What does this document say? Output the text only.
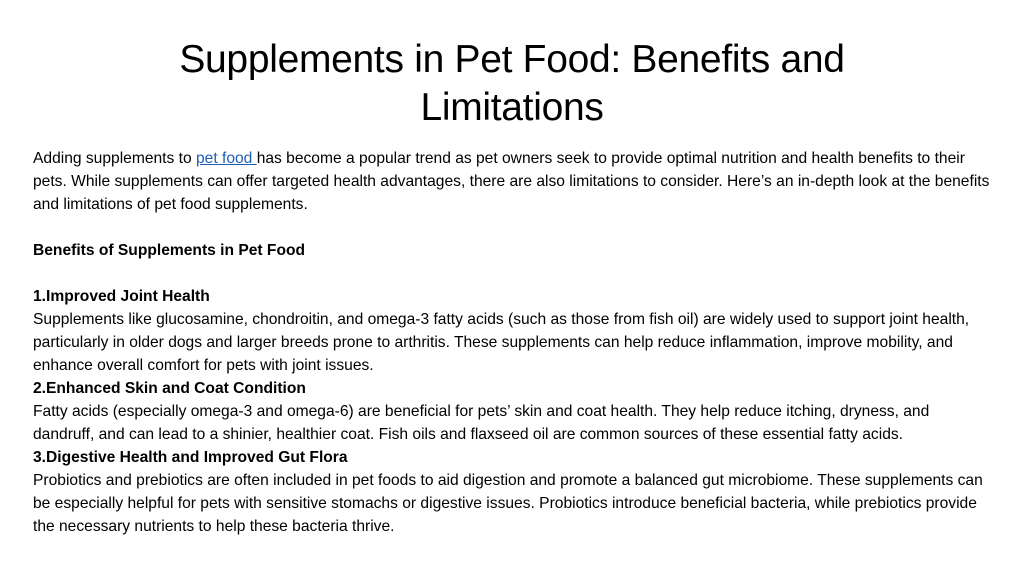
Supplements in Pet Food: Benefits and Limitations

Adding supplements to pet food has become a popular trend as pet owners seek to provide optimal nutrition and health benefits to their pets. While supplements can offer targeted health advantages, there are also limitations to consider. Here’s an in-depth look at the benefits and limitations of pet food supplements.

Benefits of Supplements in Pet Food

1.Improved Joint Health

Supplements like glucosamine, chondroitin, and omega-3 fatty acids (such as those from fish oil) are widely used to support joint health, particularly in older dogs and larger breeds prone to arthritis. These supplements can help reduce inflammation, improve mobility, and enhance overall comfort for pets with joint issues.

2.Enhanced Skin and Coat Condition

Fatty acids (especially omega-3 and omega-6) are beneficial for pets’ skin and coat health. They help reduce itching, dryness, and dandruff, and can lead to a shinier, healthier coat. Fish oils and flaxseed oil are common sources of these essential fatty acids.

3.Digestive Health and Improved Gut Flora

Probiotics and prebiotics are often included in pet foods to aid digestion and promote a balanced gut microbiome. These supplements can be especially helpful for pets with sensitive stomachs or digestive issues. Probiotics introduce beneficial bacteria, while prebiotics provide the necessary nutrients to help these bacteria thrive.
